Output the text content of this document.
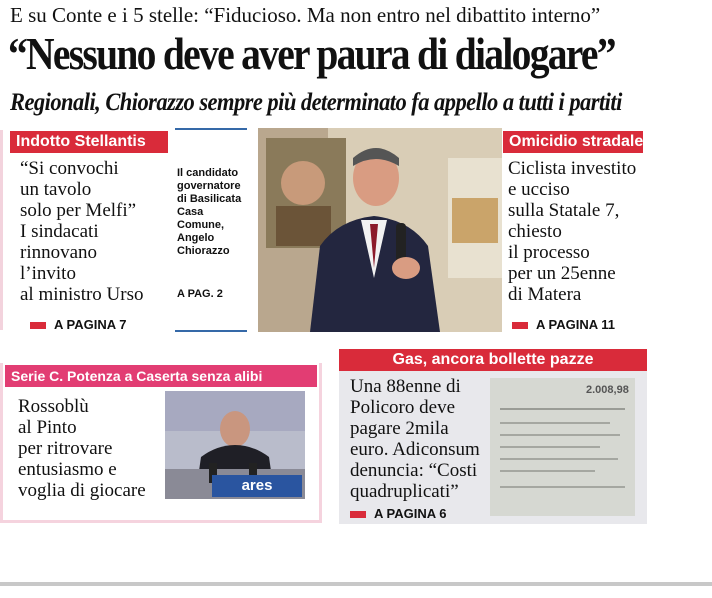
E su Conte e i 5 stelle: “Fiducioso. Ma non entro nel dibattito interno”
“Nessuno deve aver paura di dialogare”
Regionali, Chiorazzo sempre più determinato fa appello a tutti i partiti
Indotto Stellantis
“Si convochi
un tavolo
solo per Melfi”
I sindacati
rinnovano
l’invito
al ministro Urso
A PAGINA 7
Il candidato
governatore
di Basilicata
Casa
Comune,
Angelo
Chiorazzo
A PAG. 2
Omicidio stradale
Ciclista investito
e ucciso
sulla Statale 7,
chiesto
il processo
per un 25enne
di Matera
A PAGINA 11
Serie C. Potenza a Caserta senza alibi
Rossoblù
al Pinto
per ritrovare
entusiasmo e
voglia di giocare	ares
Gas, ancora bollette pazze
Una 88enne di
Policoro deve
pagare 2mila
euro. Adiconsum
denuncia: “Costi
quadruplicati”
A PAGINA 6
2.008,98
